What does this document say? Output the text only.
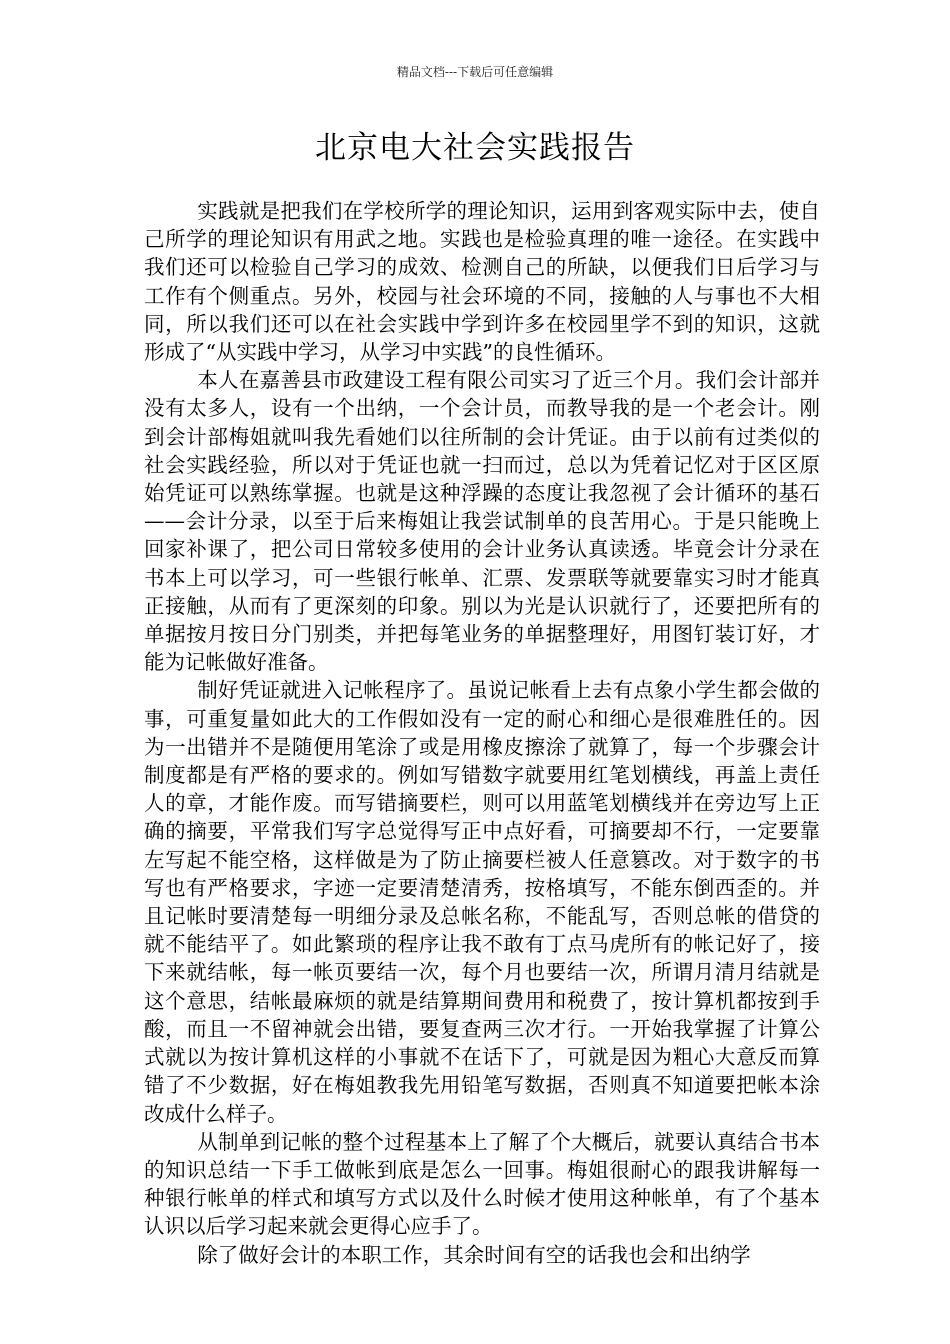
精品文档---下载后可任意编辑
北京电大社会实践报告

实践就是把我们在学校所学的理论知识，运用到客观实际中去，使自己所学的理论知识有用武之地。实践也是检验真理的唯一途径。在实践中我们还可以检验自己学习的成效、检测自己的所缺，以便我们日后学习与工作有个侧重点。另外，校园与社会环境的不同，接触的人与事也不大相同，所以我们还可以在社会实践中学到许多在校园里学不到的知识，这就形成了“从实践中学习，从学习中实践”的良性循环。

本人在嘉善县市政建设工程有限公司实习了近三个月。我们会计部并没有太多人，设有一个出纳，一个会计员，而教导我的是一个老会计。刚到会计部梅姐就叫我先看她们以往所制的会计凭证。由于以前有过类似的社会实践经验，所以对于凭证也就一扫而过，总以为凭着记忆对于区区原始凭证可以熟练掌握。也就是这种浮躁的态度让我忽视了会计循环的基石——会计分录，以至于后来梅姐让我尝试制单的良苦用心。于是只能晚上回家补课了，把公司日常较多使用的会计业务认真读透。毕竟会计分录在书本上可以学习，可一些银行帐单、汇票、发票联等就要靠实习时才能真正接触，从而有了更深刻的印象。别以为光是认识就行了，还要把所有的单据按月按日分门别类，并把每笔业务的单据整理好，用图钉装订好，才能为记帐做好准备。

制好凭证就进入记帐程序了。虽说记帐看上去有点象小学生都会做的事，可重复量如此大的工作假如没有一定的耐心和细心是很难胜任的。因为一出错并不是随便用笔涂了或是用橡皮擦涂了就算了，每一个步骤会计制度都是有严格的要求的。例如写错数字就要用红笔划横线，再盖上责任人的章，才能作废。而写错摘要栏，则可以用蓝笔划横线并在旁边写上正确的摘要，平常我们写字总觉得写正中点好看，可摘要却不行，一定要靠左写起不能空格，这样做是为了防止摘要栏被人任意篡改。对于数字的书写也有严格要求，字迹一定要清楚清秀，按格填写，不能东倒西歪的。并且记帐时要清楚每一明细分录及总帐名称，不能乱写，否则总帐的借贷的就不能结平了。如此繁琐的程序让我不敢有丁点马虎所有的帐记好了，接下来就结帐，每一帐页要结一次，每个月也要结一次，所谓月清月结就是这个意思，结帐最麻烦的就是结算期间费用和税费了，按计算机都按到手酸，而且一不留神就会出错，要复查两三次才行。一开始我掌握了计算公式就以为按计算机这样的小事就不在话下了，可就是因为粗心大意反而算错了不少数据，好在梅姐教我先用铅笔写数据，否则真不知道要把帐本涂改成什么样子。

从制单到记帐的整个过程基本上了解了个大概后，就要认真结合书本的知识总结一下手工做帐到底是怎么一回事。梅姐很耐心的跟我讲解每一种银行帐单的样式和填写方式以及什么时候才使用这种帐单，有了个基本认识以后学习起来就会更得心应手了。

除了做好会计的本职工作，其余时间有空的话我也会和出纳学
